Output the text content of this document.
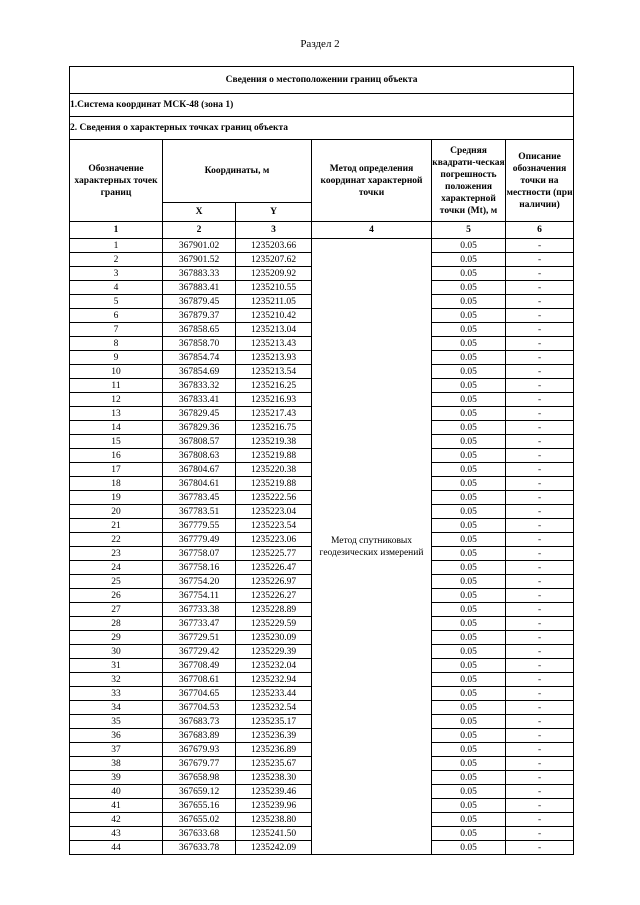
Раздел 2
Сведения о местоположении границ объекта					
1.Система координат МСК-48 (зона 1)					
2. Сведения о характерных точках границ объекта					
Обозначение характерных точек границ	Координаты, м		Метод определения координат характерной точки	Средняя квадрати-ческая погрешность положения характерной точки (Mt), м	Описание обозначения точки на местности (при наличии)
	X	Y			
1	2	3	4	5	6
1	367901.02	1235203.66	Метод спутниковых геодезических измерений	0.05	-
2	367901.52	1235207.62		0.05	-
3	367883.33	1235209.92		0.05	-
4	367883.41	1235210.55		0.05	-
5	367879.45	1235211.05		0.05	-
6	367879.37	1235210.42		0.05	-
7	367858.65	1235213.04		0.05	-
8	367858.70	1235213.43		0.05	-
9	367854.74	1235213.93		0.05	-
10	367854.69	1235213.54		0.05	-
11	367833.32	1235216.25		0.05	-
12	367833.41	1235216.93		0.05	-
13	367829.45	1235217.43		0.05	-
14	367829.36	1235216.75		0.05	-
15	367808.57	1235219.38		0.05	-
16	367808.63	1235219.88		0.05	-
17	367804.67	1235220.38		0.05	-
18	367804.61	1235219.88		0.05	-
19	367783.45	1235222.56		0.05	-
20	367783.51	1235223.04		0.05	-
21	367779.55	1235223.54		0.05	-
22	367779.49	1235223.06		0.05	-
23	367758.07	1235225.77		0.05	-
24	367758.16	1235226.47		0.05	-
25	367754.20	1235226.97		0.05	-
26	367754.11	1235226.27		0.05	-
27	367733.38	1235228.89		0.05	-
28	367733.47	1235229.59		0.05	-
29	367729.51	1235230.09		0.05	-
30	367729.42	1235229.39		0.05	-
31	367708.49	1235232.04		0.05	-
32	367708.61	1235232.94		0.05	-
33	367704.65	1235233.44		0.05	-
34	367704.53	1235232.54		0.05	-
35	367683.73	1235235.17		0.05	-
36	367683.89	1235236.39		0.05	-
37	367679.93	1235236.89		0.05	-
38	367679.77	1235235.67		0.05	-
39	367658.98	1235238.30		0.05	-
40	367659.12	1235239.46		0.05	-
41	367655.16	1235239.96		0.05	-
42	367655.02	1235238.80		0.05	-
43	367633.68	1235241.50		0.05	-
44	367633.78	1235242.09		0.05	-
